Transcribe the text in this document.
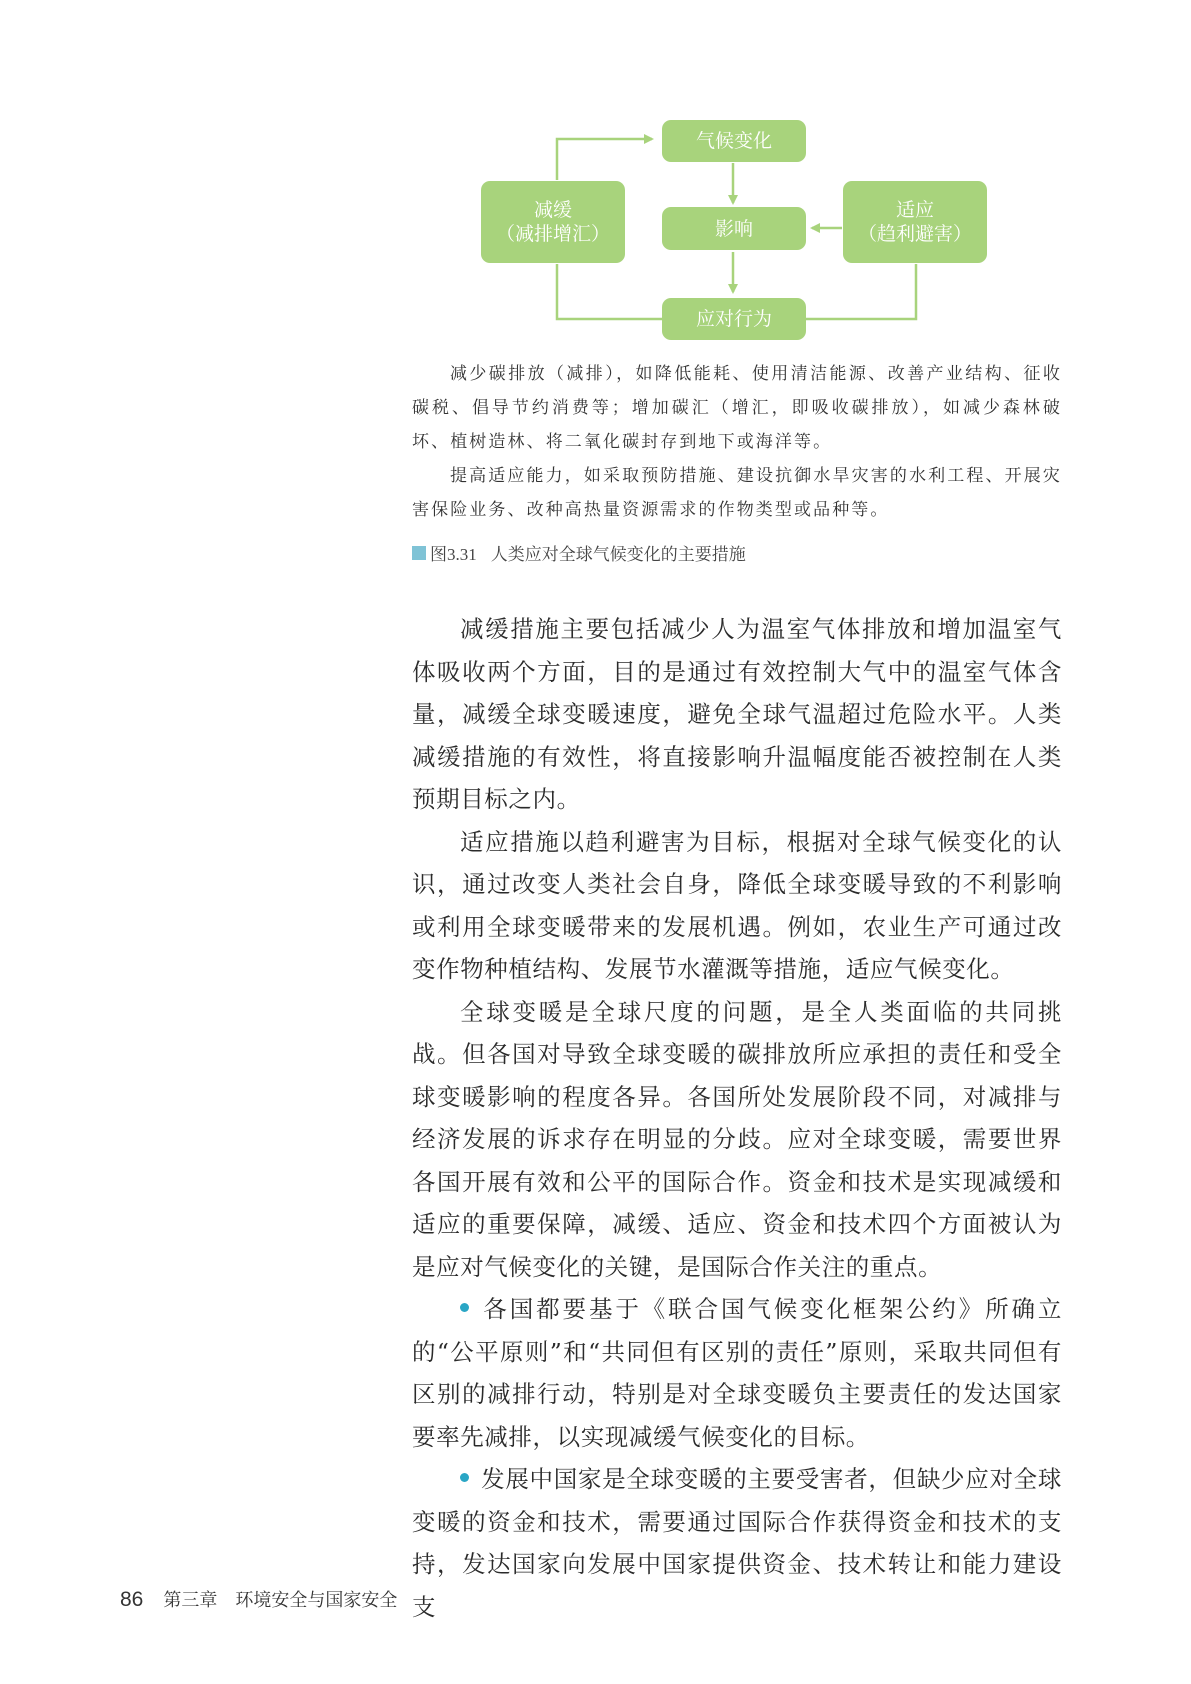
气候变化
影响
应对行为
减缓
（减排增汇）
适应
（趋利避害）

减少碳排放（减排），如降低能耗、使用清洁能源、改善产业结构、征收碳税、倡导节约消费等；增加碳汇（增汇，即吸收碳排放），如减少森林破坏、植树造林、将二氧化碳封存到地下或海洋等。

提高适应能力，如采取预防措施、建设抗御水旱灾害的水利工程、开展灾害保险业务、改种高热量资源需求的作物类型或品种等。

图3.31 人类应对全球气候变化的主要措施

减缓措施主要包括减少人为温室气体排放和增加温室气体吸收两个方面，目的是通过有效控制大气中的温室气体含量，减缓全球变暖速度，避免全球气温超过危险水平。人类减缓措施的有效性，将直接影响升温幅度能否被控制在人类预期目标之内。

适应措施以趋利避害为目标，根据对全球气候变化的认识，通过改变人类社会自身，降低全球变暖导致的不利影响或利用全球变暖带来的发展机遇。例如，农业生产可通过改变作物种植结构、发展节水灌溉等措施，适应气候变化。

全球变暖是全球尺度的问题，是全人类面临的共同挑战。但各国对导致全球变暖的碳排放所应承担的责任和受全球变暖影响的程度各异。各国所处发展阶段不同，对减排与经济发展的诉求存在明显的分歧。应对全球变暖，需要世界各国开展有效和公平的国际合作。资金和技术是实现减缓和适应的重要保障，减缓、适应、资金和技术四个方面被认为是应对气候变化的关键，是国际合作关注的重点。

各国都要基于《联合国气候变化框架公约》所确立的“公平原则”和“共同但有区别的责任”原则，采取共同但有区别的减排行动，特别是对全球变暖负主要责任的发达国家要率先减排，以实现减缓气候变化的目标。

发展中国家是全球变暖的主要受害者，但缺少应对全球变暖的资金和技术，需要通过国际合作获得资金和技术的支持，发达国家向发展中国家提供资金、技术转让和能力建设支

86 第三章 环境安全与国家安全
